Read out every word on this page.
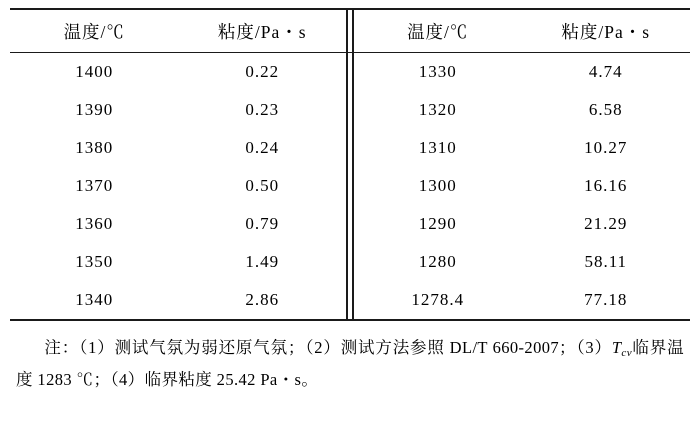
温度/℃	粘度/Pa・s		温度/℃	粘度/Pa・s
1400	0.22		1330	4.74
1390	0.23		1320	6.58
1380	0.24		1310	10.27
1370	0.50		1300	16.16
1360	0.79		1290	21.29
1350	1.49		1280	58.11
1340	2.86		1278.4	77.18
注：（1）测试气氛为弱还原气氛；（2）测试方法参照 DL/T 660-2007；$(3)T_{cv}$临界温度 1283 ℃；（4）临界粘度 25.42 Pa・s。
